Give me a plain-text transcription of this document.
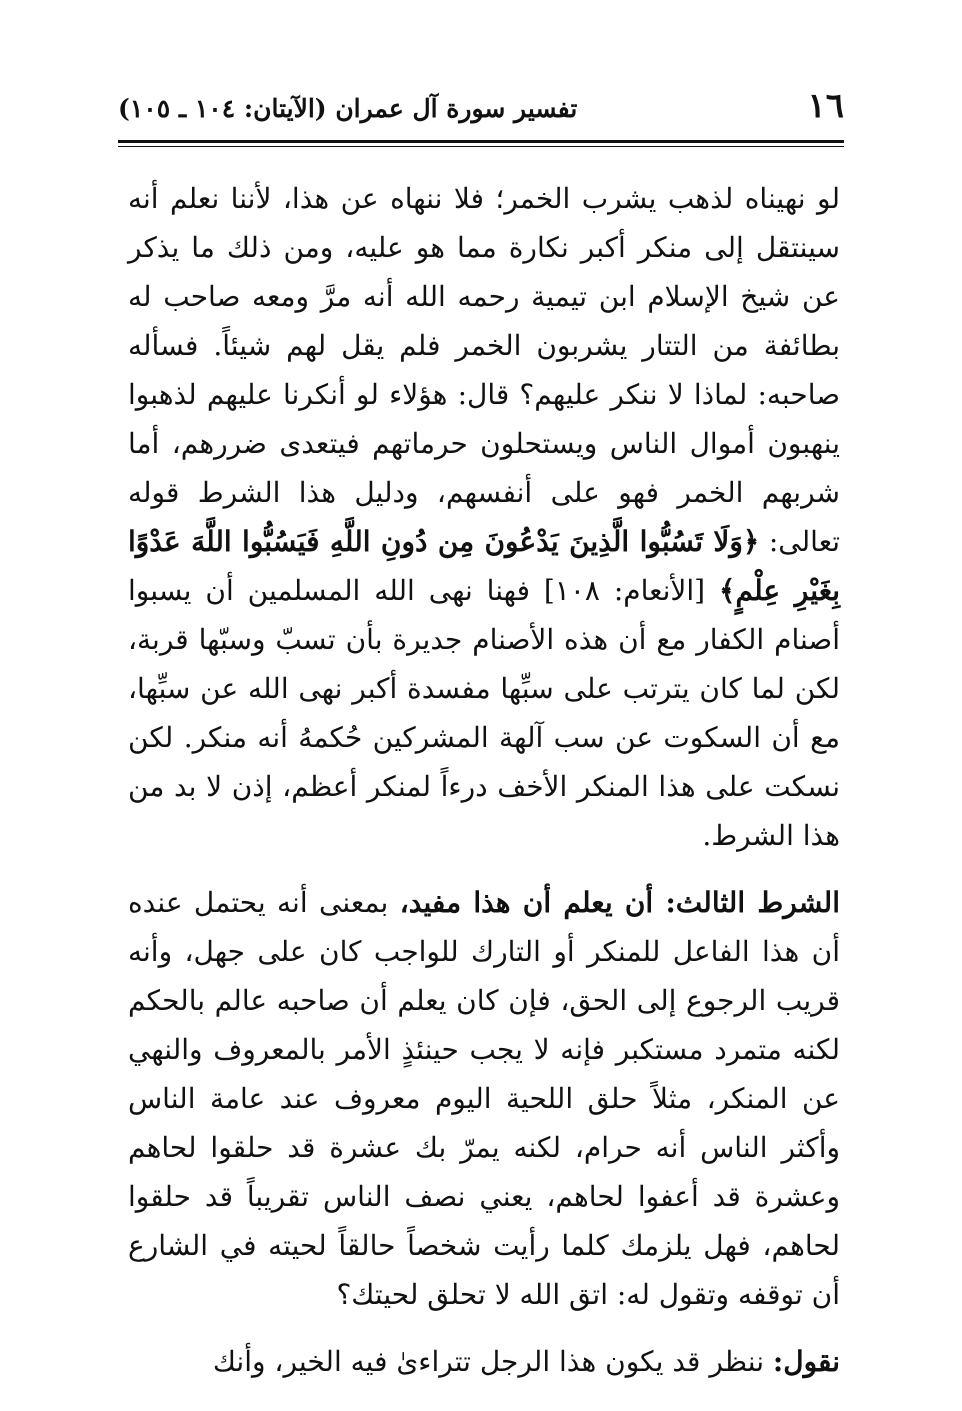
١٦
تفسير سورة آل عمران (الآيتان: ١٠٤ ـ ١٠٥)

لو نهيناه لذهب يشرب الخمر؛ فلا ننهاه عن هذا، لأننا نعلم أنه سينتقل إلى منكر أكبر نكارة مما هو عليه، ومن ذلك ما يذكر عن شيخ الإسلام ابن تيمية رحمه الله أنه مرَّ ومعه صاحب له بطائفة من التتار يشربون الخمر فلم يقل لهم شيئاً. فسأله صاحبه: لماذا لا ننكر عليهم؟ قال: هؤلاء لو أنكرنا عليهم لذهبوا ينهبون أموال الناس ويستحلون حرماتهم فيتعدى ضررهم، أما شربهم الخمر فهو على أنفسهم، ودليل هذا الشرط قوله تعالى: ﴿وَلَا تَسُبُّوا الَّذِينَ يَدْعُونَ مِن دُونِ اللَّهِ فَيَسُبُّوا اللَّهَ عَدْوًا بِغَيْرِ عِلْمٍ﴾ [الأنعام: ١٠٨] فهنا نهى الله المسلمين أن يسبوا أصنام الكفار مع أن هذه الأصنام جديرة بأن تسبّ وسبّها قربة، لكن لما كان يترتب على سبِّها مفسدة أكبر نهى الله عن سبِّها، مع أن السكوت عن سب آلهة المشركين حُكمهُ أنه منكر. لكن نسكت على هذا المنكر الأخف درءاً لمنكر أعظم، إذن لا بد من هذا الشرط.

الشرط الثالث: أن يعلم أن هذا مفيد، بمعنى أنه يحتمل عنده أن هذا الفاعل للمنكر أو التارك للواجب كان على جهل، وأنه قريب الرجوع إلى الحق، فإن كان يعلم أن صاحبه عالم بالحكم لكنه متمرد مستكبر فإنه لا يجب حينئذٍ الأمر بالمعروف والنهي عن المنكر، مثلاً حلق اللحية اليوم معروف عند عامة الناس وأكثر الناس أنه حرام، لكنه يمرّ بك عشرة قد حلقوا لحاهم وعشرة قد أعفوا لحاهم، يعني نصف الناس تقريباً قد حلقوا لحاهم، فهل يلزمك كلما رأيت شخصاً حالقاً لحيته في الشارع أن توقفه وتقول له: اتق الله لا تحلق لحيتك؟

نقول: ننظر قد يكون هذا الرجل تتراءىٰ فيه الخير، وأنك
